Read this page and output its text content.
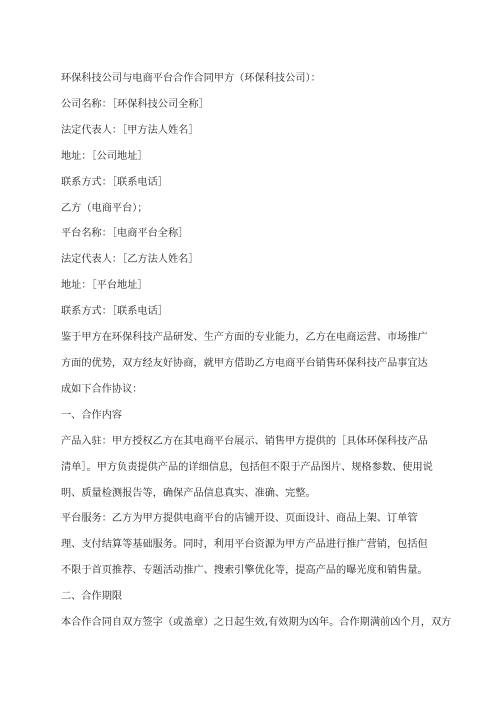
环保科技公司与电商平台合作合同甲方（环保科技公司）：

公司名称：［环保科技公司全称］

法定代表人：［甲方法人姓名］

地址：［公司地址］

联系方式：［联系电话］

乙方（电商平台）；

平台名称：［电商平台全称］

法定代表人：［乙方法人姓名］

地址：［平台地址］

联系方式：［联系电话］

鉴于甲方在环保科技产品研发、生产方面的专业能力，乙方在电商运营、市场推广方面的优势，双方经友好协商，就甲方借助乙方电商平台销售环保科技产品事宜达成如下合作协议：

一、合作内容

产品入驻：甲方授权乙方在其电商平台展示、销售甲方提供的［具体环保科技产品清单］。甲方负责提供产品的详细信息，包括但不限于产品图片、规格参数、使用说明、质量检测报告等，确保产品信息真实、准确、完整。

平台服务：乙方为甲方提供电商平台的店铺开设、页面设计、商品上架、订单管理、支付结算等基础服务。同时，利用平台资源为甲方产品进行推广营销，包括但不限于首页推荐、专题活动推广、搜索引擎优化等，提高产品的曝光度和销售量。

二、合作期限

本合作合同自双方签字（或盖章）之日起生效,有效期为凶年。合作期满前凶个月，双方
